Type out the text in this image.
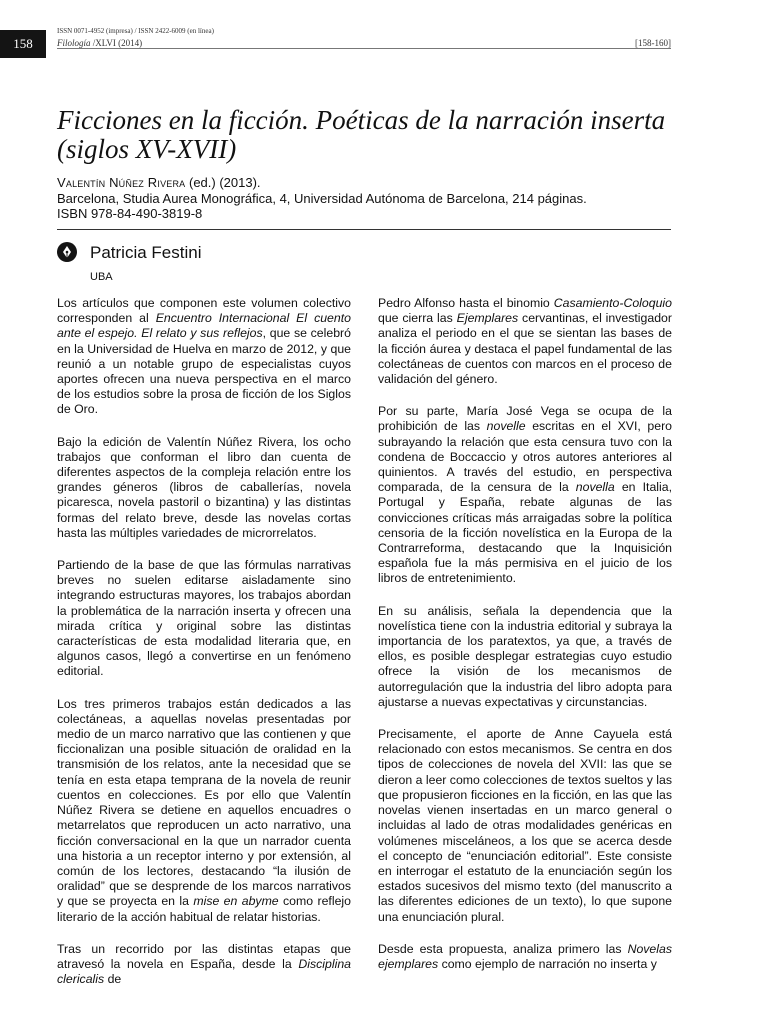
158
ISSN 0071-4952 (impresa) / ISSN 2422-6009 (en línea)
Filología /XLVI (2014)	[158-160]
Ficciones en la ficción. Poéticas de la narración inserta (siglos XV-XVII)
Valentín Núñez Rivera (ed.) (2013).
Barcelona, Studia Aurea Monográfica, 4, Universidad Autónoma de Barcelona, 214 páginas.
ISBN 978-84-490-3819-8
Patricia Festini
UBA

Los artículos que componen este volumen colectivo corresponden al Encuentro Internacional El cuento ante el espejo. El relato y sus reflejos, que se celebró en la Universidad de Huelva en marzo de 2012, y que reunió a un notable grupo de especialistas cuyos aportes ofrecen una nueva perspectiva en el marco de los estudios sobre la prosa de ficción de los Siglos de Oro.

Bajo la edición de Valentín Núñez Rivera, los ocho trabajos que conforman el libro dan cuenta de diferentes aspectos de la compleja relación entre los grandes géneros (libros de caballerías, novela picaresca, novela pastoril o bizantina) y las distintas formas del relato breve, desde las novelas cortas hasta las múltiples variedades de microrrelatos.

Partiendo de la base de que las fórmulas narrativas breves no suelen editarse aisladamente sino integrando estructuras mayores, los trabajos abordan la problemática de la narración inserta y ofrecen una mirada crítica y original sobre las distintas características de esta modalidad literaria que, en algunos casos, llegó a convertirse en un fenómeno editorial.

Los tres primeros trabajos están dedicados a las colectáneas, a aquellas novelas presentadas por medio de un marco narrativo que las contienen y que ficcionalizan una posible situación de oralidad en la transmisión de los relatos, ante la necesidad que se tenía en esta etapa temprana de la novela de reunir cuentos en colecciones. Es por ello que Valentín Núñez Rivera se detiene en aquellos encuadres o metarrelatos que reproducen un acto narrativo, una ficción conversacional en la que un narrador cuenta una historia a un receptor interno y por extensión, al común de los lectores, destacando “la ilusión de oralidad” que se desprende de los marcos narrativos y que se proyecta en la mise en abyme como reflejo literario de la acción habitual de relatar historias.

Tras un recorrido por las distintas etapas que atravesó la novela en España, desde la Disciplina clericalis de

Pedro Alfonso hasta el binomio Casamiento-Coloquio que cierra las Ejemplares cervantinas, el investigador analiza el periodo en el que se sientan las bases de la ficción áurea y destaca el papel fundamental de las colectáneas de cuentos con marcos en el proceso de validación del género.

Por su parte, María José Vega se ocupa de la prohibición de las novelle escritas en el XVI, pero subrayando la relación que esta censura tuvo con la condena de Boccaccio y otros autores anteriores al quinientos. A través del estudio, en perspectiva comparada, de la censura de la novella en Italia, Portugal y España, rebate algunas de las convicciones críticas más arraigadas sobre la política censoria de la ficción novelística en la Europa de la Contrarreforma, destacando que la Inquisición española fue la más permisiva en el juicio de los libros de entretenimiento.

En su análisis, señala la dependencia que la novelística tiene con la industria editorial y subraya la importancia de los paratextos, ya que, a través de ellos, es posible desplegar estrategias cuyo estudio ofrece la visión de los mecanismos de autorregulación que la industria del libro adopta para ajustarse a nuevas expectativas y circunstancias.

Precisamente, el aporte de Anne Cayuela está relacionado con estos mecanismos. Se centra en dos tipos de colecciones de novela del XVII: las que se dieron a leer como colecciones de textos sueltos y las que propusieron ficciones en la ficción, en las que las novelas vienen insertadas en un marco general o incluidas al lado de otras modalidades genéricas en volúmenes misceláneos, a los que se acerca desde el concepto de “enunciación editorial”. Este consiste en interrogar el estatuto de la enunciación según los estados sucesivos del mismo texto (del manuscrito a las diferentes ediciones de un texto), lo que supone una enunciación plural.

Desde esta propuesta, analiza primero las Novelas ejemplares como ejemplo de narración no inserta y
